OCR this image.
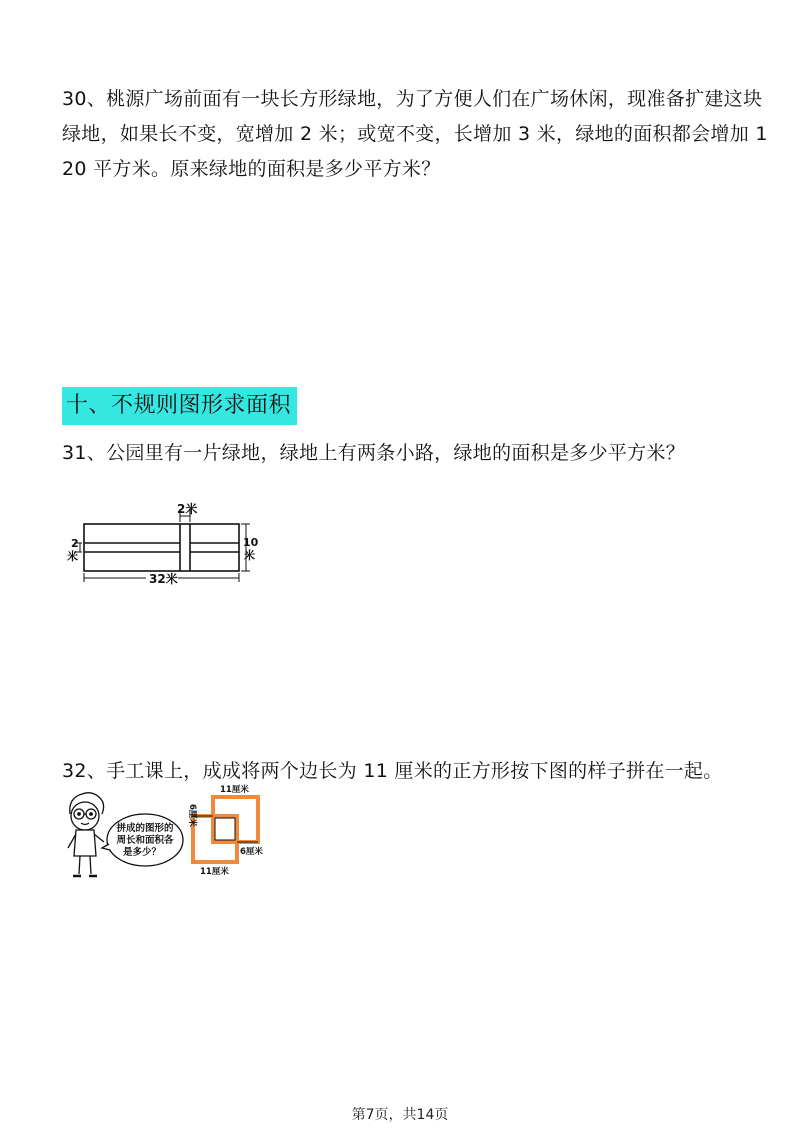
30、桃源广场前面有一块长方形绿地，为了方便人们在广场休闲，现准备扩建这块

绿地，如果长不变，宽增加 2 米；或宽不变，长增加 3 米，绿地的面积都会增加 1

20 平方米。原来绿地的面积是多少平方米？

十、不规则图形求面积
31、公园里有一片绿地，绿地上有两条小路，绿地的面积是多少平方米？
2米
2
米
10
米
32米
32、手工课上，成成将两个边长为 11 厘米的正方形按下图的样子拼在一起。
拼成的图形的
周长和面积各
是多少？
11厘米
6厘米
6厘米
11厘米
第7页，共14页
